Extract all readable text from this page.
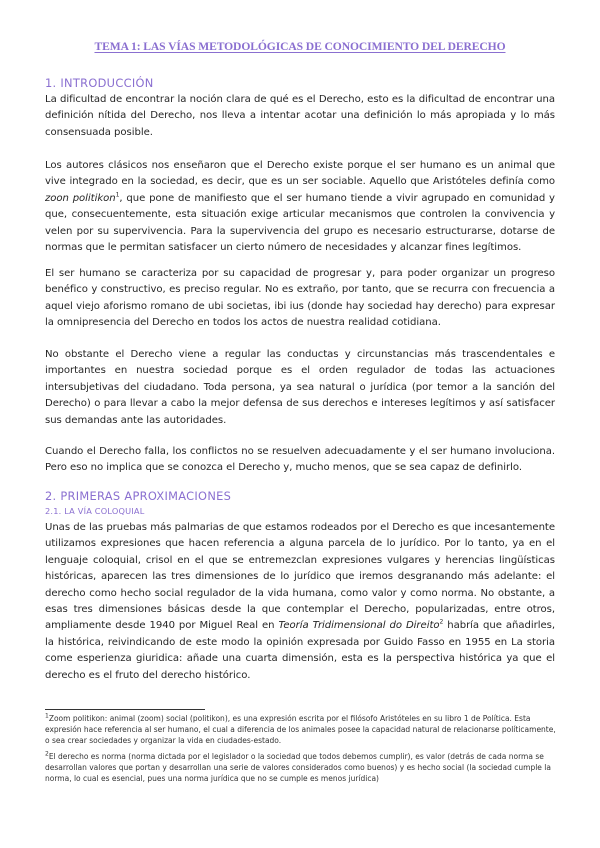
TEMA 1: LAS VÍAS METODOLÓGICAS DE CONOCIMIENTO DEL DERECHO
1. INTRODUCCIÓN

La dificultad de encontrar la noción clara de qué es el Derecho, esto es la dificultad de encontrar una definición nítida del Derecho, nos lleva a intentar acotar una definición lo más apropiada y lo más consensuada posible.

Los autores clásicos nos enseñaron que el Derecho existe porque el ser humano es un animal que vive integrado en la sociedad, es decir, que es un ser sociable. Aquello que Aristóteles definía como zoon politikon$^1$, que pone de manifiesto que el ser humano tiende a vivir agrupado en comunidad y que, consecuentemente, esta situación exige articular mecanismos que controlen la convivencia y velen por su supervivencia. Para la supervivencia del grupo es necesario estructurarse, dotarse de normas que le permitan satisfacer un cierto número de necesidades y alcanzar fines legítimos.

El ser humano se caracteriza por su capacidad de progresar y, para poder organizar un progreso benéfico y constructivo, es preciso regular. No es extraño, por tanto, que se recurra con frecuencia a aquel viejo aforismo romano de ubi societas, ibi ius (donde hay sociedad hay derecho) para expresar la omnipresencia del Derecho en todos los actos de nuestra realidad cotidiana.

No obstante el Derecho viene a regular las conductas y circunstancias más trascendentales e importantes en nuestra sociedad porque es el orden regulador de todas las actuaciones intersubjetivas del ciudadano. Toda persona, ya sea natural o jurídica (por temor a la sanción del Derecho) o para llevar a cabo la mejor defensa de sus derechos e intereses legítimos y así satisfacer sus demandas ante las autoridades.

Cuando el Derecho falla, los conflictos no se resuelven adecuadamente y el ser humano involuciona. Pero eso no implica que se conozca el Derecho y, mucho menos, que se sea capaz de definirlo.

2. PRIMERAS APROXIMACIONES
2.1. LA VÍA COLOQUIAL

Unas de las pruebas más palmarias de que estamos rodeados por el Derecho es que incesantemente utilizamos expresiones que hacen referencia a alguna parcela de lo jurídico. Por lo tanto, ya en el lenguaje coloquial, crisol en el que se entremezclan expresiones vulgares y herencias lingüísticas históricas, aparecen las tres dimensiones de lo jurídico que iremos desgranando más adelante: el derecho como hecho social regulador de la vida humana, como valor y como norma. No obstante, a esas tres dimensiones básicas desde la que contemplar el Derecho, popularizadas, entre otros, ampliamente desde 1940 por Miguel Real en Teoría Tridimensional do Direito$^2$ habría que añadirles, la histórica, reivindicando de este modo la opinión expresada por Guido Fasso en 1955 en La storia come esperienza giuridica: añade una cuarta dimensión, esta es la perspectiva histórica ya que el derecho es el fruto del derecho histórico.

$^1$Zoom politikon: animal (zoom) social (politikon), es una expresión escrita por el filósofo Aristóteles en su libro 1 de Política. Esta expresión hace referencia al ser humano, el cual a diferencia de los animales posee la capacidad natural de relacionarse políticamente, o sea crear sociedades y organizar la vida en ciudades-estado.

$^2$El derecho es norma (norma dictada por el legislador o la sociedad que todos debemos cumplir), es valor (detrás de cada norma se desarrollan valores que portan y desarrollan una serie de valores considerados como buenos) y es hecho social (la sociedad cumple la norma, lo cual es esencial, pues una norma jurídica que no se cumple es menos jurídica)
